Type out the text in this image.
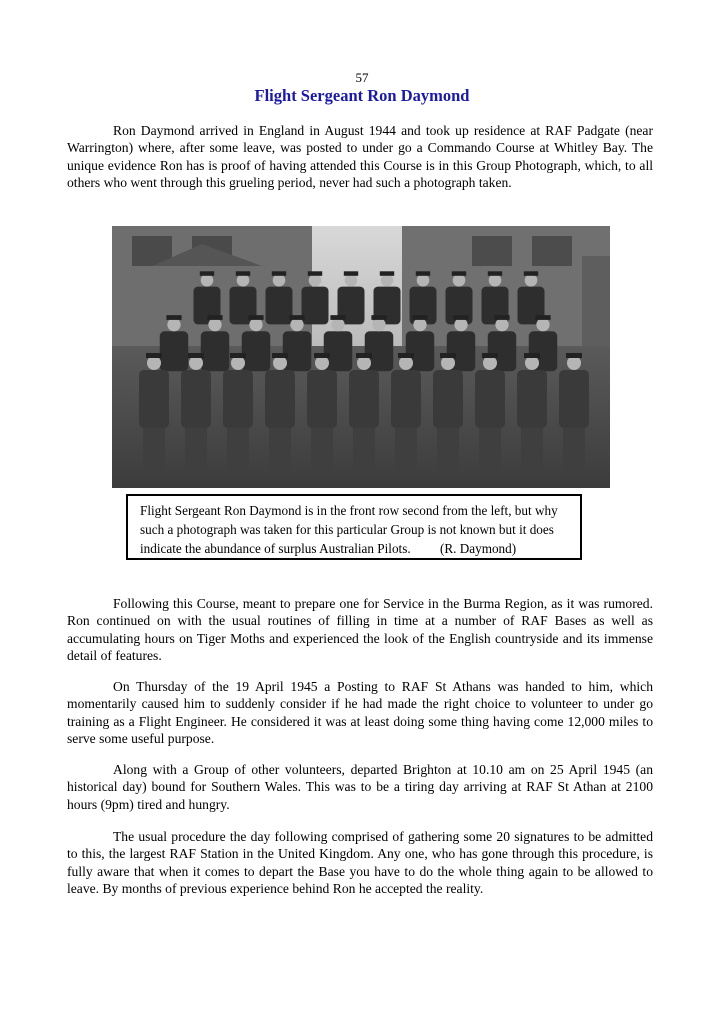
57
Flight Sergeant Ron Daymond

Ron Daymond arrived in England in August 1944 and took up residence at RAF Padgate (near Warrington) where, after some leave, was posted to under go a Commando Course at Whitley Bay. The unique evidence Ron has is proof of having attended this Course is in this Group Photograph, which, to all others who went through this grueling period, never had such a photograph taken.

Flight Sergeant Ron Daymond is in the front row second from the left, but why such a photograph was taken for this particular Group is not known but it does indicate the abundance of surplus Australian Pilots. (R. Daymond)

Following this Course, meant to prepare one for Service in the Burma Region, as it was rumored. Ron continued on with the usual routines of filling in time at a number of RAF Bases as well as accumulating hours on Tiger Moths and experienced the look of the English countryside and its immense detail of features.

On Thursday of the 19 April 1945 a Posting to RAF St Athans was handed to him, which momentarily caused him to suddenly consider if he had made the right choice to volunteer to under go training as a Flight Engineer. He considered it was at least doing some thing having come 12,000 miles to serve some useful purpose.

Along with a Group of other volunteers, departed Brighton at 10.10 am on 25 April 1945 (an historical day) bound for Southern Wales. This was to be a tiring day arriving at RAF St Athan at 2100 hours (9pm) tired and hungry.

The usual procedure the day following comprised of gathering some 20 signatures to be admitted to this, the largest RAF Station in the United Kingdom. Any one, who has gone through this procedure, is fully aware that when it comes to depart the Base you have to do the whole thing again to be allowed to leave. By months of previous experience behind Ron he accepted the reality.
